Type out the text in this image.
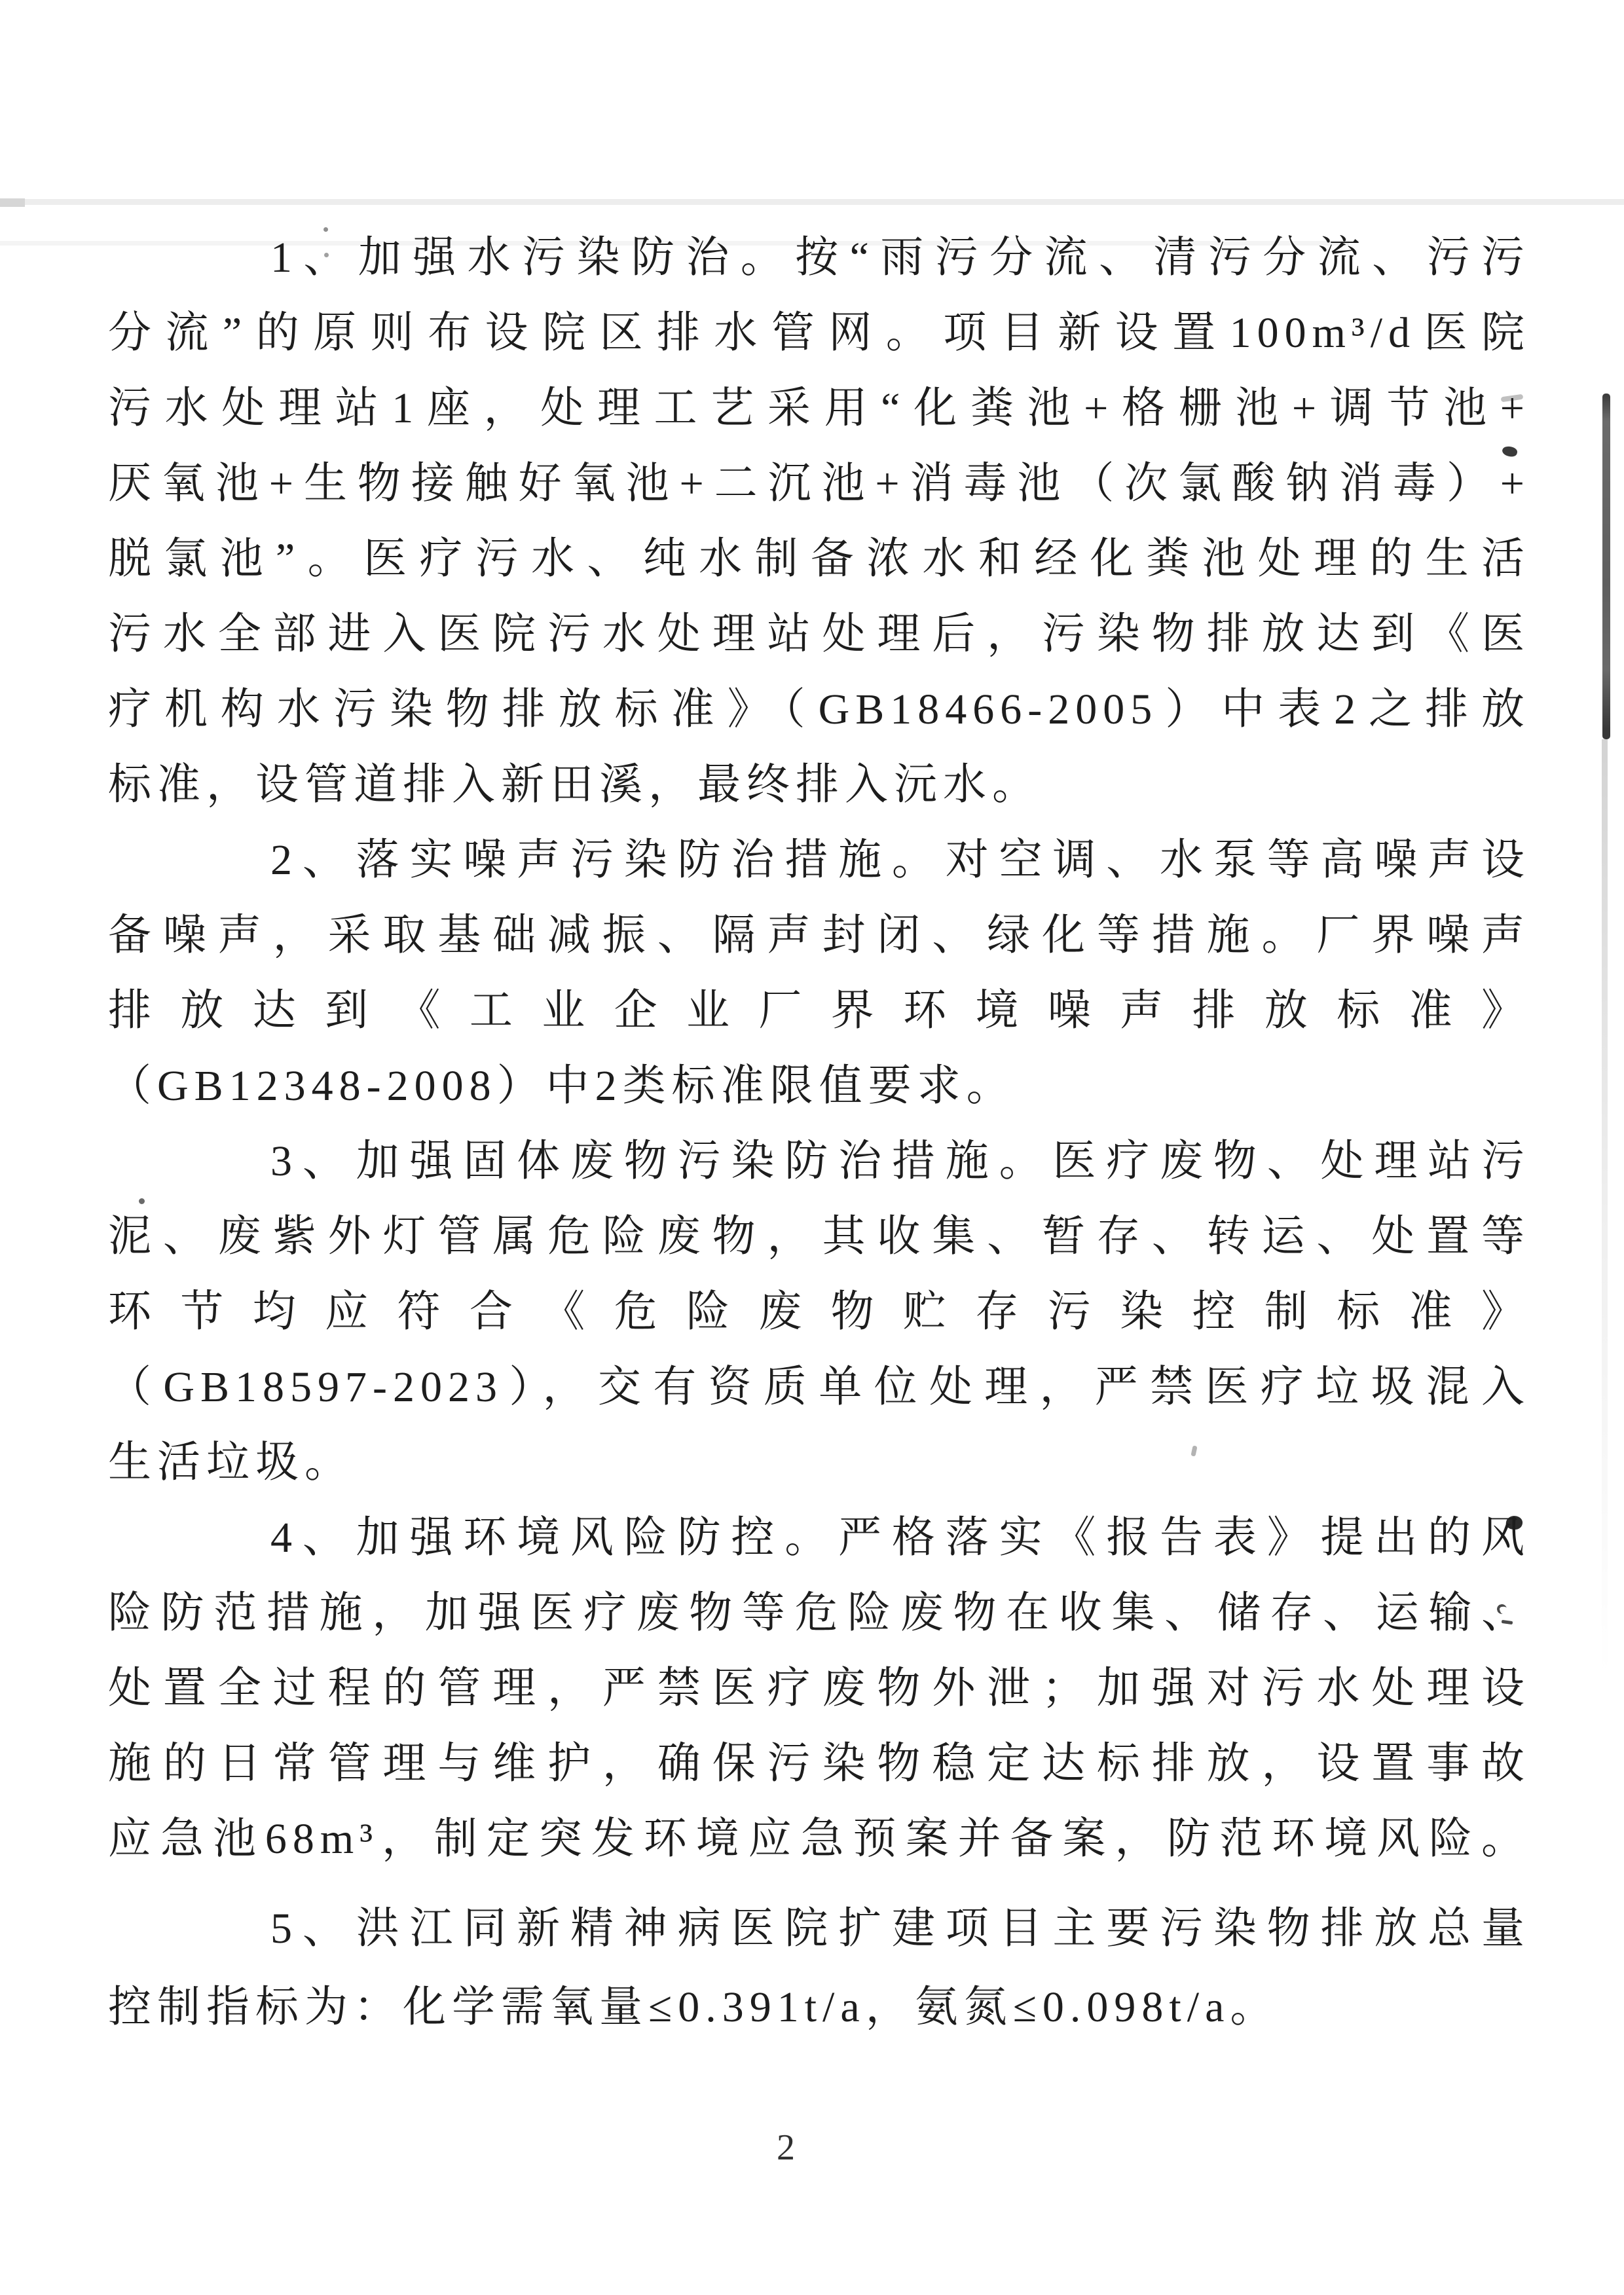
1、加强水污染防治。按“雨污分流、清污分流、污污
分流”的原则布设院区排水管网。项目新设置100m³/d医院
污水处理站1座，处理工艺采用“化粪池+格栅池+调节池+
厌氧池+生物接触好氧池+二沉池+消毒池（次氯酸钠消毒）+
脱氯池”。医疗污水、纯水制备浓水和经化粪池处理的生活
污水全部进入医院污水处理站处理后，污染物排放达到《医
疗机构水污染物排放标准》（GB18466-2005）中表2之排放
标准，设管道排入新田溪，最终排入沅水。
2、落实噪声污染防治措施。对空调、水泵等高噪声设
备噪声，采取基础减振、隔声封闭、绿化等措施。厂界噪声
排放达到《工业企业厂界环境噪声排放标准》
（GB12348-2008）中2类标准限值要求。
3、加强固体废物污染防治措施。医疗废物、处理站污
泥、废紫外灯管属危险废物，其收集、暂存、转运、处置等
环节均应符合《危险废物贮存污染控制标准》
（GB18597-2023），交有资质单位处理，严禁医疗垃圾混入
生活垃圾。
4、加强环境风险防控。严格落实《报告表》提出的风
险防范措施，加强医疗废物等危险废物在收集、储存、运输、
处置全过程的管理，严禁医疗废物外泄；加强对污水处理设
施的日常管理与维护，确保污染物稳定达标排放，设置事故
应急池68m³，制定突发环境应急预案并备案，防范环境风险。
5、洪江同新精神病医院扩建项目主要污染物排放总量
控制指标为：化学需氧量≤0.391t/a，氨氮≤0.098t/a。
2
